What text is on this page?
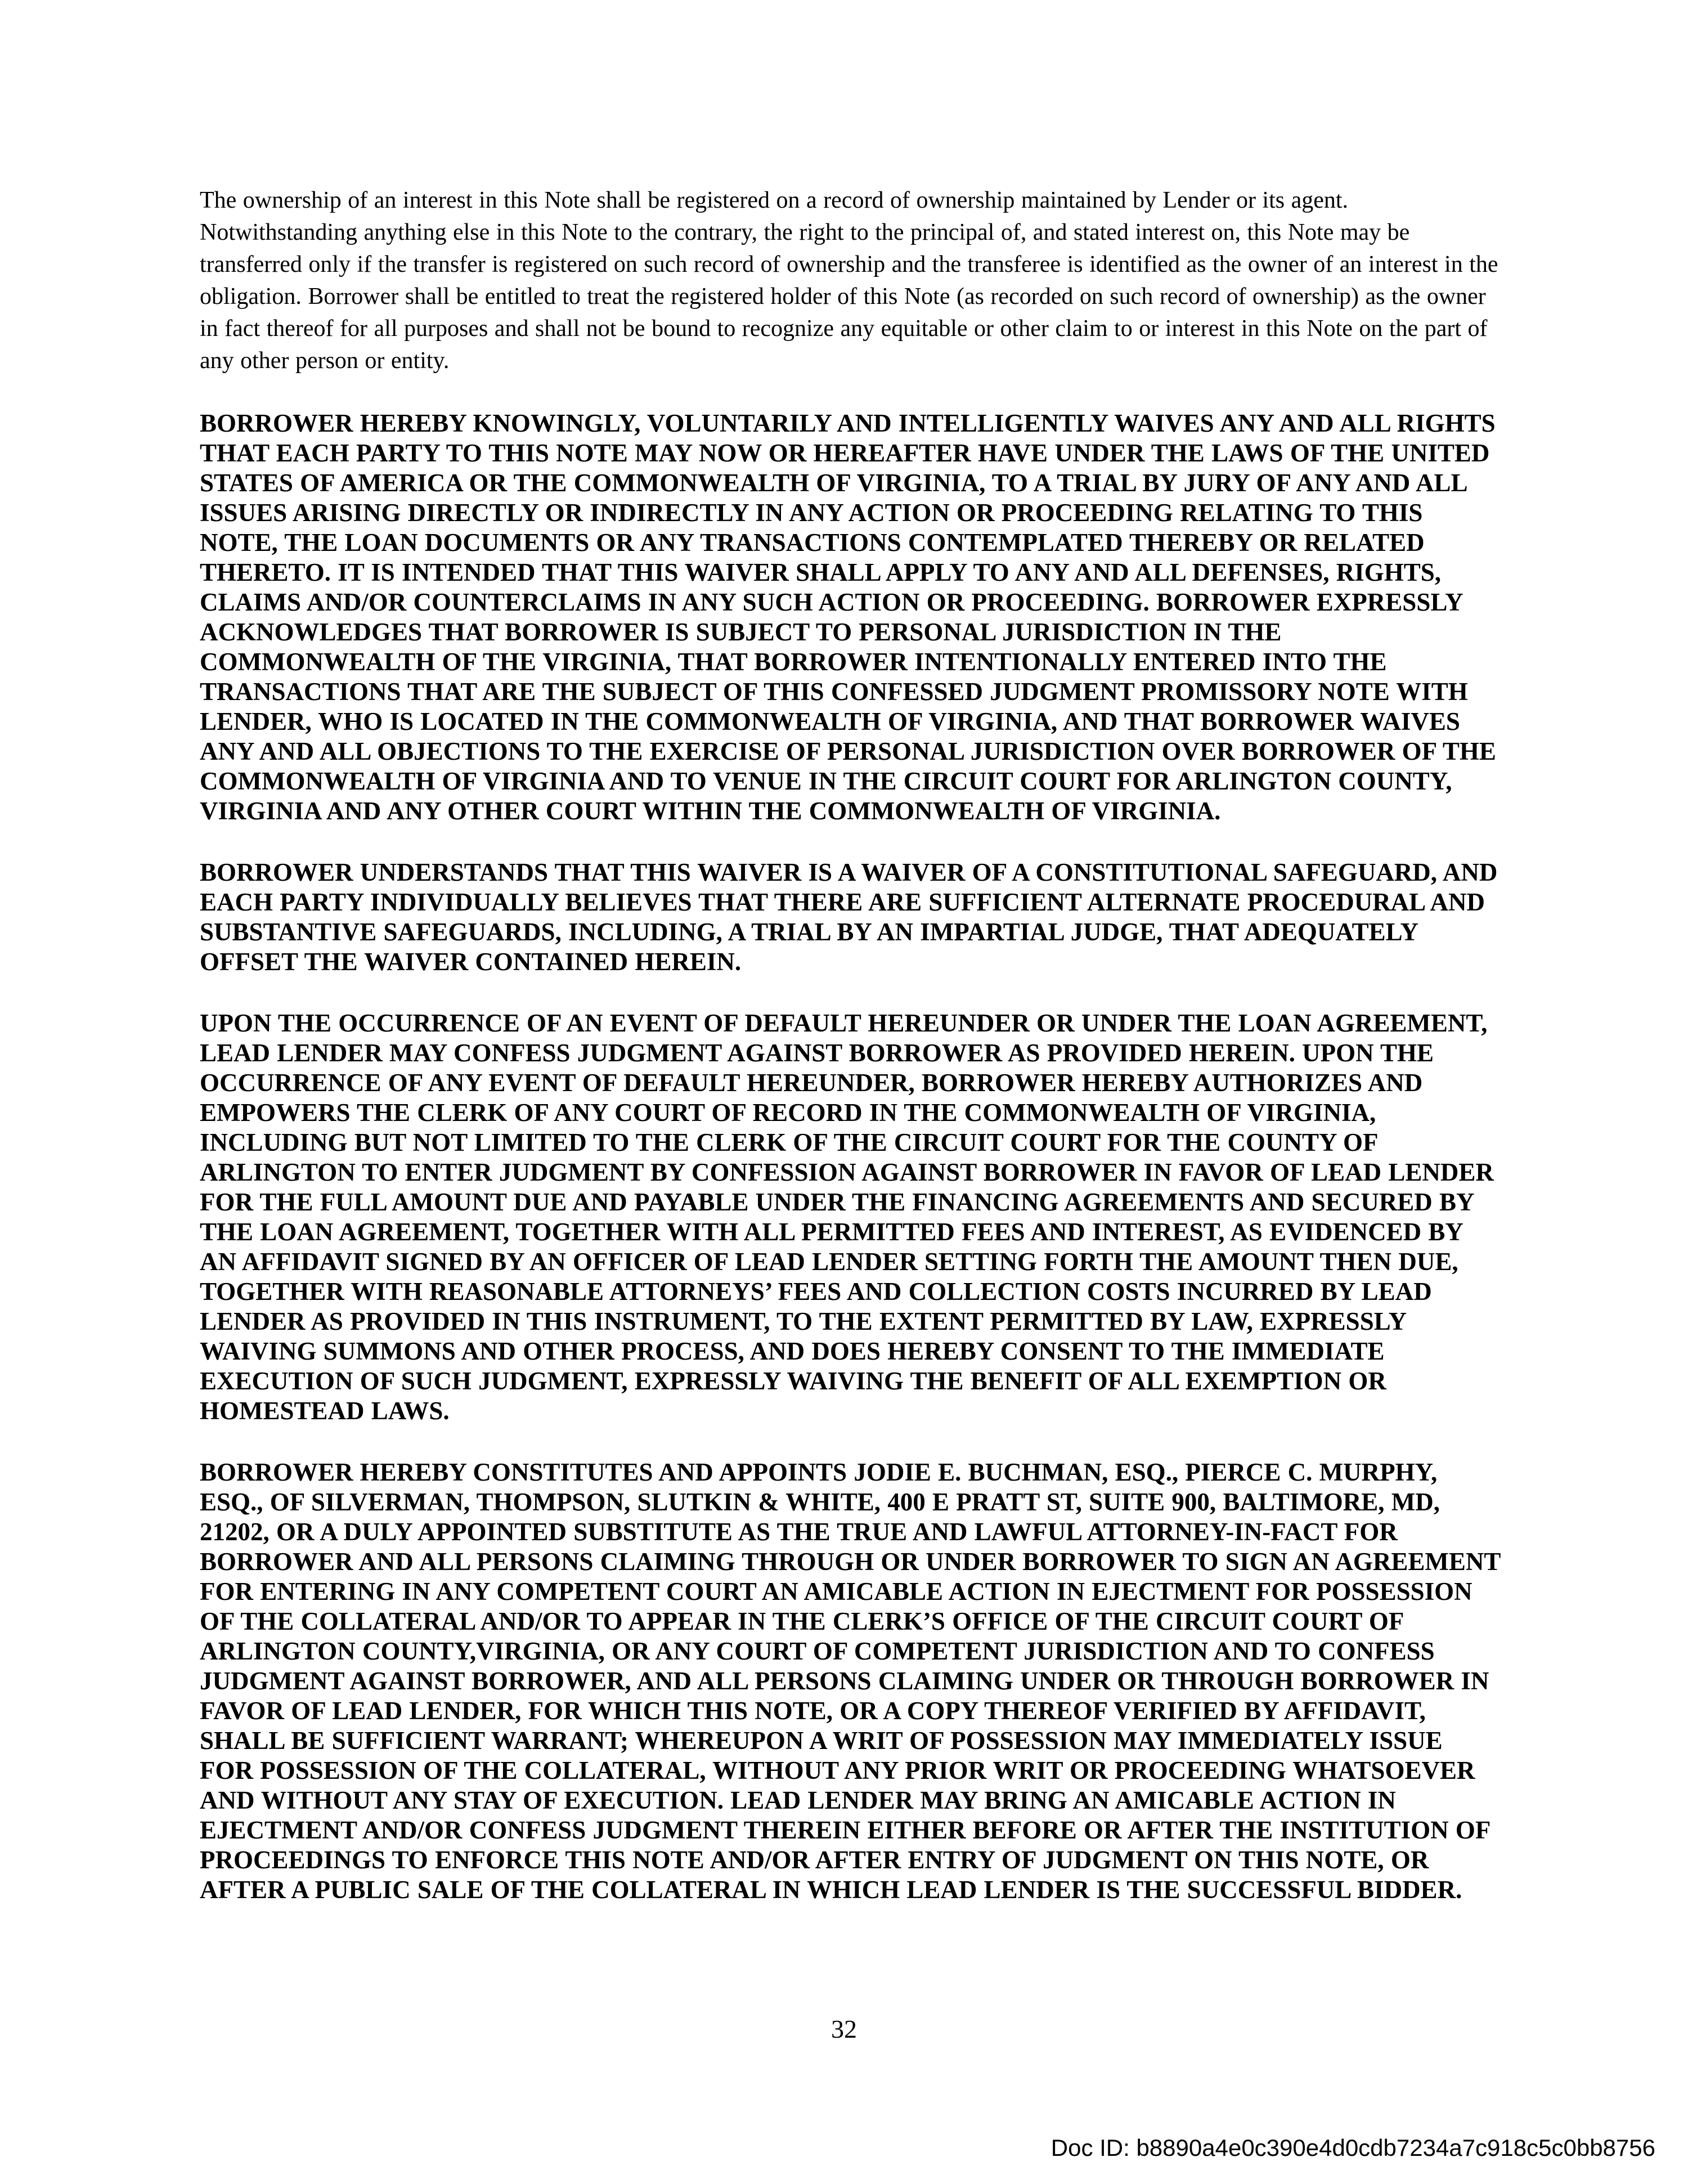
The ownership of an interest in this Note shall be registered on a record of ownership maintained by Lender or its agent. Notwithstanding anything else in this Note to the contrary, the right to the principal of, and stated interest on, this Note may be transferred only if the transfer is registered on such record of ownership and the transferee is identified as the owner of an interest in the obligation. Borrower shall be entitled to treat the registered holder of this Note (as recorded on such record of ownership) as the owner in fact thereof for all purposes and shall not be bound to recognize any equitable or other claim to or interest in this Note on the part of any other person or entity.

BORROWER HEREBY KNOWINGLY, VOLUNTARILY AND INTELLIGENTLY WAIVES ANY AND ALL RIGHTS THAT EACH PARTY TO THIS NOTE MAY NOW OR HEREAFTER HAVE UNDER THE LAWS OF THE UNITED STATES OF AMERICA OR THE COMMONWEALTH OF VIRGINIA, TO A TRIAL BY JURY OF ANY AND ALL ISSUES ARISING DIRECTLY OR INDIRECTLY IN ANY ACTION OR PROCEEDING RELATING TO THIS NOTE, THE LOAN DOCUMENTS OR ANY TRANSACTIONS CONTEMPLATED THEREBY OR RELATED THERETO. IT IS INTENDED THAT THIS WAIVER SHALL APPLY TO ANY AND ALL DEFENSES, RIGHTS, CLAIMS AND/OR COUNTERCLAIMS IN ANY SUCH ACTION OR PROCEEDING. BORROWER EXPRESSLY ACKNOWLEDGES THAT BORROWER IS SUBJECT TO PERSONAL JURISDICTION IN THE COMMONWEALTH OF THE VIRGINIA, THAT BORROWER INTENTIONALLY ENTERED INTO THE TRANSACTIONS THAT ARE THE SUBJECT OF THIS CONFESSED JUDGMENT PROMISSORY NOTE WITH LENDER, WHO IS LOCATED IN THE COMMONWEALTH OF VIRGINIA, AND THAT BORROWER WAIVES ANY AND ALL OBJECTIONS TO THE EXERCISE OF PERSONAL JURISDICTION OVER BORROWER OF THE COMMONWEALTH OF VIRGINIA AND TO VENUE IN THE CIRCUIT COURT FOR ARLINGTON COUNTY, VIRGINIA AND ANY OTHER COURT WITHIN THE COMMONWEALTH OF VIRGINIA.

BORROWER UNDERSTANDS THAT THIS WAIVER IS A WAIVER OF A CONSTITUTIONAL SAFEGUARD, AND EACH PARTY INDIVIDUALLY BELIEVES THAT THERE ARE SUFFICIENT ALTERNATE PROCEDURAL AND SUBSTANTIVE SAFEGUARDS, INCLUDING, A TRIAL BY AN IMPARTIAL JUDGE, THAT ADEQUATELY OFFSET THE WAIVER CONTAINED HEREIN.

UPON THE OCCURRENCE OF AN EVENT OF DEFAULT HEREUNDER OR UNDER THE LOAN AGREEMENT, LEAD LENDER MAY CONFESS JUDGMENT AGAINST BORROWER AS PROVIDED HEREIN. UPON THE OCCURRENCE OF ANY EVENT OF DEFAULT HEREUNDER, BORROWER HEREBY AUTHORIZES AND EMPOWERS THE CLERK OF ANY COURT OF RECORD IN THE COMMONWEALTH OF VIRGINIA, INCLUDING BUT NOT LIMITED TO THE CLERK OF THE CIRCUIT COURT FOR THE COUNTY OF ARLINGTON TO ENTER JUDGMENT BY CONFESSION AGAINST BORROWER IN FAVOR OF LEAD LENDER FOR THE FULL AMOUNT DUE AND PAYABLE UNDER THE FINANCING AGREEMENTS AND SECURED BY THE LOAN AGREEMENT, TOGETHER WITH ALL PERMITTED FEES AND INTEREST, AS EVIDENCED BY AN AFFIDAVIT SIGNED BY AN OFFICER OF LEAD LENDER SETTING FORTH THE AMOUNT THEN DUE, TOGETHER WITH REASONABLE ATTORNEYS’ FEES AND COLLECTION COSTS INCURRED BY LEAD LENDER AS PROVIDED IN THIS INSTRUMENT, TO THE EXTENT PERMITTED BY LAW, EXPRESSLY WAIVING SUMMONS AND OTHER PROCESS, AND DOES HEREBY CONSENT TO THE IMMEDIATE EXECUTION OF SUCH JUDGMENT, EXPRESSLY WAIVING THE BENEFIT OF ALL EXEMPTION OR HOMESTEAD LAWS.

BORROWER HEREBY CONSTITUTES AND APPOINTS JODIE E. BUCHMAN, ESQ., PIERCE C. MURPHY, ESQ., OF SILVERMAN, THOMPSON, SLUTKIN & WHITE, 400 E PRATT ST, SUITE 900, BALTIMORE, MD, 21202, OR A DULY APPOINTED SUBSTITUTE AS THE TRUE AND LAWFUL ATTORNEY-IN-FACT FOR BORROWER AND ALL PERSONS CLAIMING THROUGH OR UNDER BORROWER TO SIGN AN AGREEMENT FOR ENTERING IN ANY COMPETENT COURT AN AMICABLE ACTION IN EJECTMENT FOR POSSESSION OF THE COLLATERAL AND/OR TO APPEAR IN THE CLERK’S OFFICE OF THE CIRCUIT COURT OF ARLINGTON COUNTY,VIRGINIA, OR ANY COURT OF COMPETENT JURISDICTION AND TO CONFESS JUDGMENT AGAINST BORROWER, AND ALL PERSONS CLAIMING UNDER OR THROUGH BORROWER IN FAVOR OF LEAD LENDER, FOR WHICH THIS NOTE, OR A COPY THEREOF VERIFIED BY AFFIDAVIT, SHALL BE SUFFICIENT WARRANT; WHEREUPON A WRIT OF POSSESSION MAY IMMEDIATELY ISSUE FOR POSSESSION OF THE COLLATERAL, WITHOUT ANY PRIOR WRIT OR PROCEEDING WHATSOEVER AND WITHOUT ANY STAY OF EXECUTION. LEAD LENDER MAY BRING AN AMICABLE ACTION IN EJECTMENT AND/OR CONFESS JUDGMENT THEREIN EITHER BEFORE OR AFTER THE INSTITUTION OF PROCEEDINGS TO ENFORCE THIS NOTE AND/OR AFTER ENTRY OF JUDGMENT ON THIS NOTE, OR AFTER A PUBLIC SALE OF THE COLLATERAL IN WHICH LEAD LENDER IS THE SUCCESSFUL BIDDER.

32
Doc ID: b8890a4e0c390e4d0cdb7234a7c918c5c0bb8756
